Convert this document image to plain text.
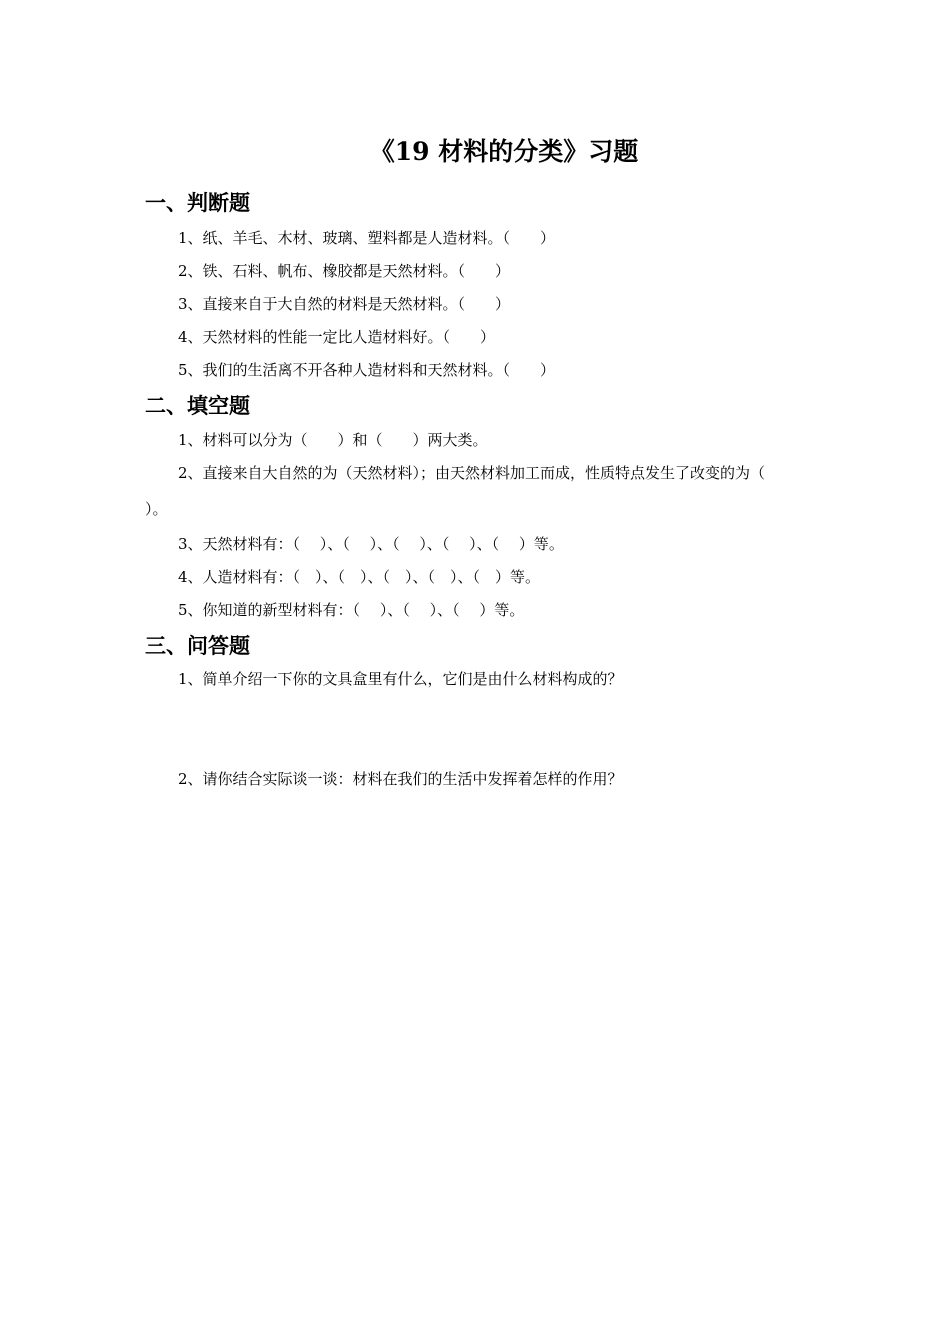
《19 材料的分类》习题
一、判断题
1、纸、羊毛、木材、玻璃、塑料都是人造材料。（　　）
2、铁、石料、帆布、橡胶都是天然材料。（　　）
3、直接来自于大自然的材料是天然材料。（　　）
4、天然材料的性能一定比人造材料好。（　　）
5、我们的生活离不开各种人造材料和天然材料。（　　）
二、填空题
1、材料可以分为（　　）和（　　）两大类。
2、直接来自大自然的为（天然材料）；由天然材料加工而成，性质特点发生了改变的为（
）。
3、天然材料有：（　 ）、（　 ）、（　 ）、（　 ）、（　 ）等。
4、人造材料有：（　）、（　）、（　）、（　）、（　）等。
5、你知道的新型材料有：（　 ）、（　 ）、（　 ）等。
三、问答题
1、简单介绍一下你的文具盒里有什么，它们是由什么材料构成的？
2、请你结合实际谈一谈：材料在我们的生活中发挥着怎样的作用？
